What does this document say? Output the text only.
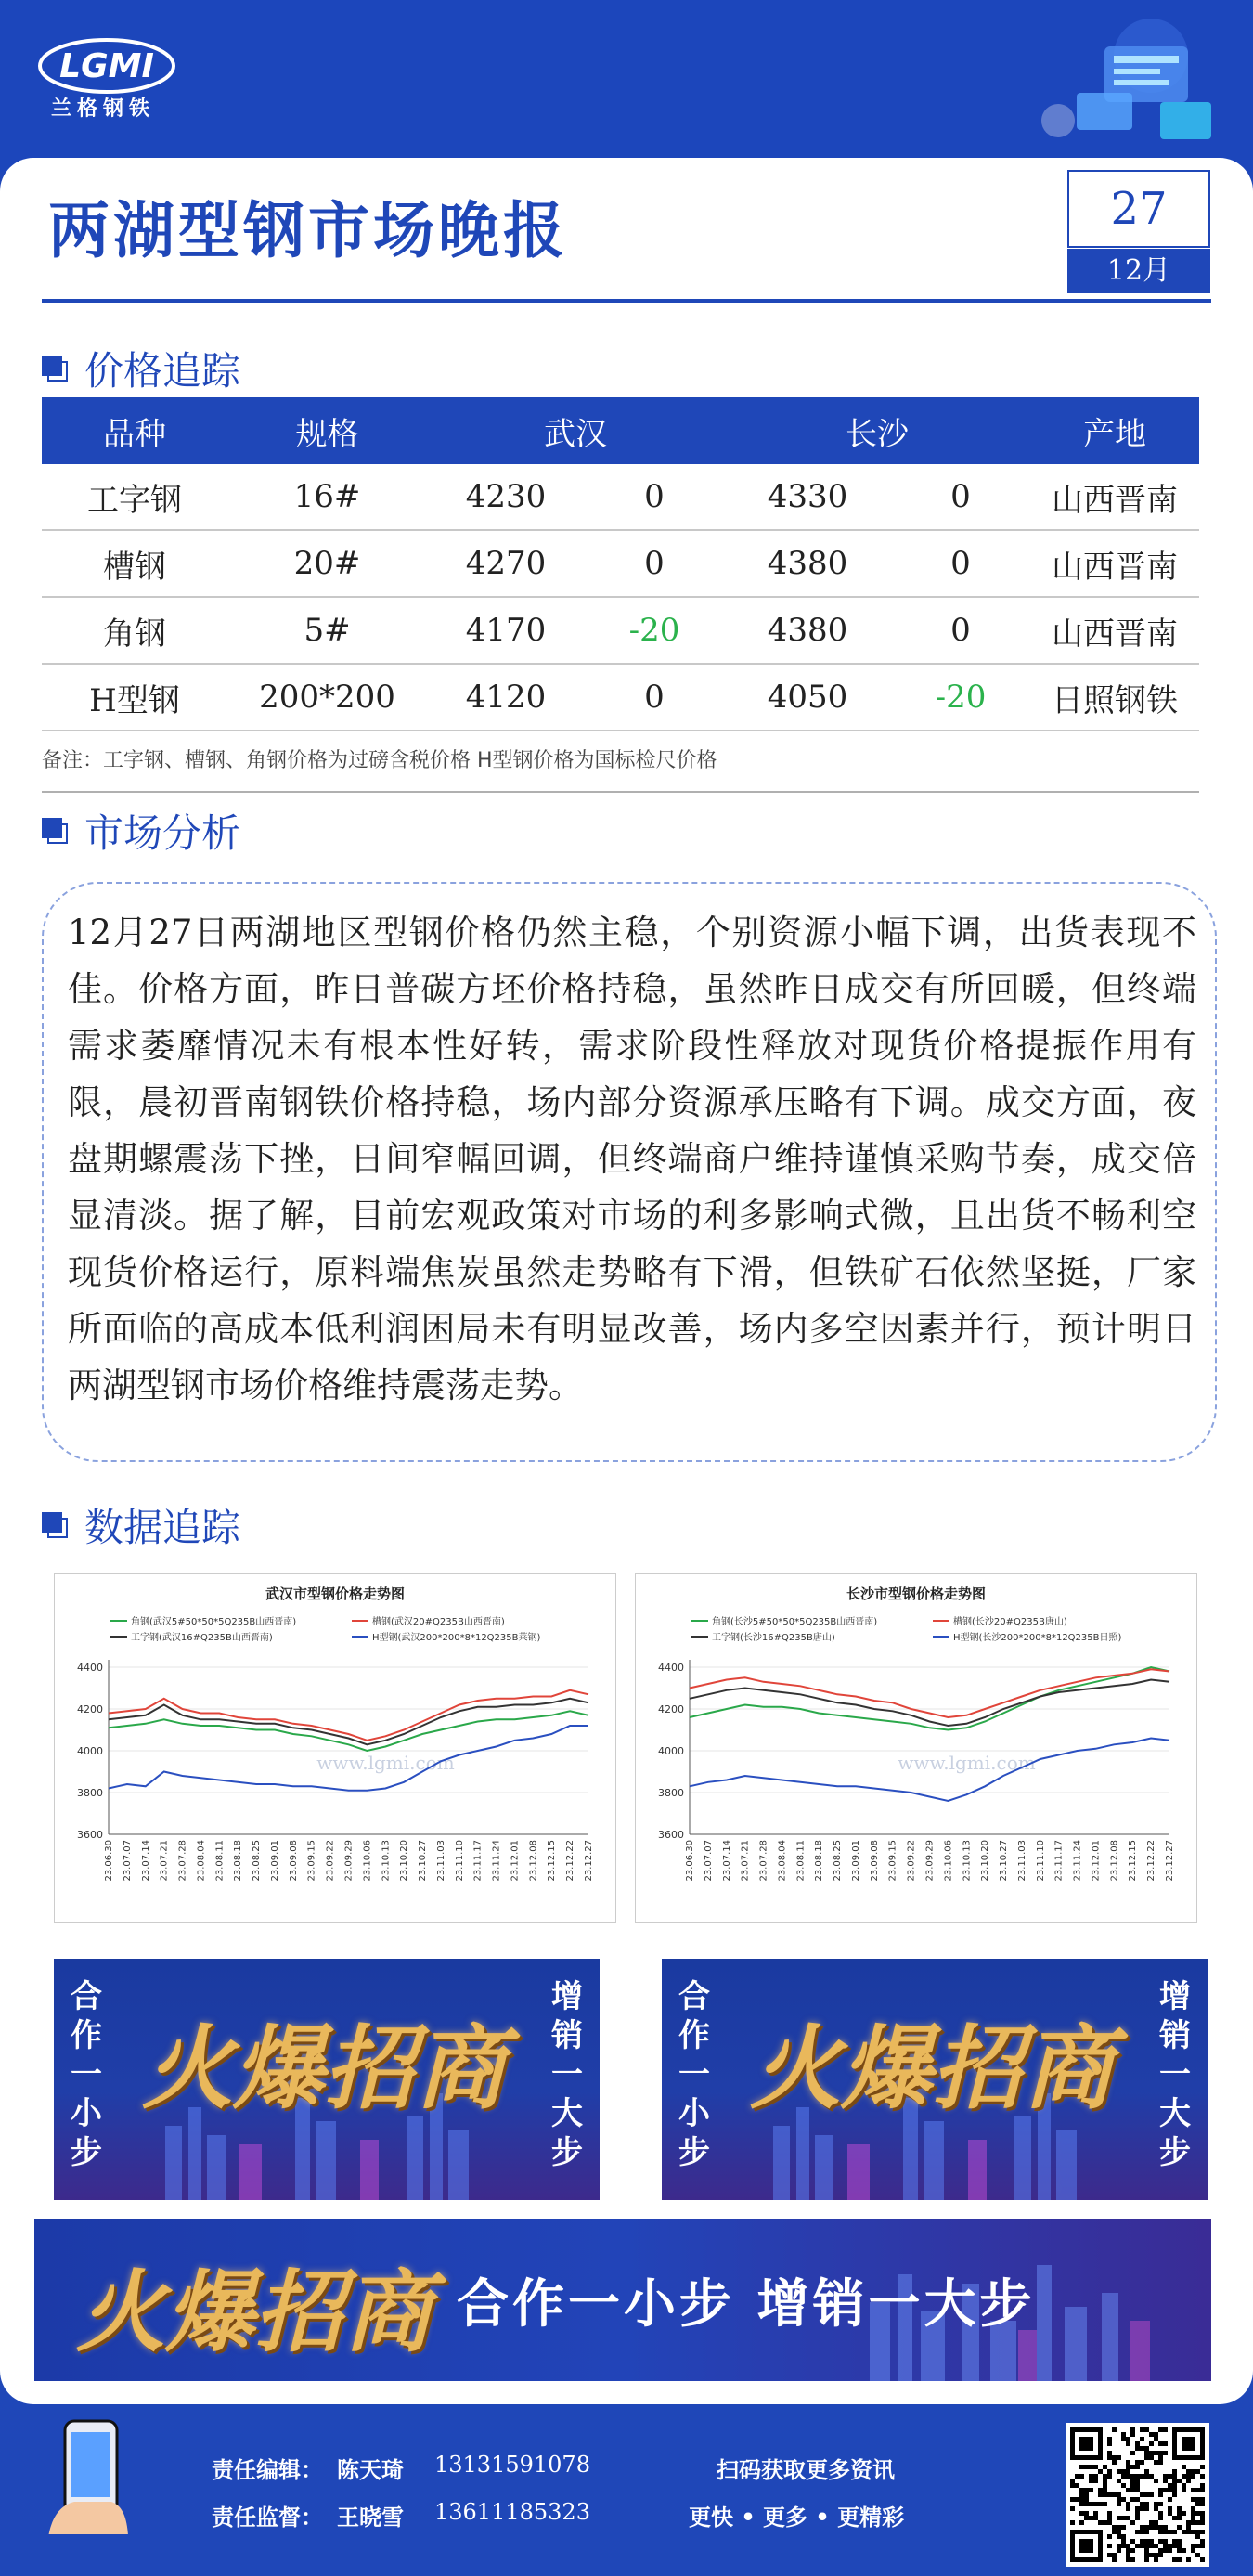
LGMI
兰格钢铁
两湖型钢市场晚报	27
12月
价格追踪
品种	规格	武汉		长沙		产地
工字钢	16#	4230	0	4330	0	山西晋南
槽钢	20#	4270	0	4380	0	山西晋南
角钢	5#	4170	-20	4380	0	山西晋南
H型钢	200*200	4120	0	4050	-20	日照钢铁
备注：工字钢、槽钢、角钢价格为过磅含税价格 H型钢价格为国标检尺价格
市场分析
12月27日两湖地区型钢价格仍然主稳，个别资源小幅下调，出货表现不佳。价格方面，昨日普碳方坯价格持稳，虽然昨日成交有所回暖，但终端需求萎靡情况未有根本性好转，需求阶段性释放对现货价格提振作用有限，晨初晋南钢铁价格持稳，场内部分资源承压略有下调。成交方面，夜盘期螺震荡下挫，日间窄幅回调，但终端商户维持谨慎采购节奏，成交倍显清淡。据了解，目前宏观政策对市场的利多影响式微，且出货不畅利空现货价格运行，原料端焦炭虽然走势略有下滑，但铁矿石依然坚挺，厂家所面临的高成本低利润困局未有明显改善，场内多空因素并行，预计明日两湖型钢市场价格维持震荡走势。
数据追踪
武汉市型钢价格走势图
角钢(武汉5#50*50*5Q235B山西晋南)	槽钢(武汉20#Q235B山西晋南)
工字钢(武汉16#Q235B山西晋南)	H型钢(武汉200*200*8*12Q235B莱钢)
4400
4200
4000
3800
3600
www.lgmi.com
23.06.30 23.07.07 23.07.14 23.07.21 23.07.28 23.08.04 23.08.11 23.08.18 23.08.25 23.09.01 23.09.08 23.09.15 23.09.22 23.09.29 23.10.06 23.10.13 23.10.20 23.10.27 23.11.03 23.11.10 23.11.17 23.11.24 23.12.01 23.12.08 23.12.15 23.12.22 23.12.27
长沙市型钢价格走势图
角钢(长沙5#50*50*5Q235B山西晋南)	槽钢(长沙20#Q235B唐山)
工字钢(长沙16#Q235B唐山)	H型钢(长沙200*200*8*12Q235B日照)
4400
4200
4000
3800
3600
www.lgmi.com
23.06.30 23.07.07 23.07.14 23.07.21 23.07.28 23.08.04 23.08.11 23.08.18 23.08.25 23.09.01 23.09.08 23.09.15 23.09.22 23.09.29 23.10.06 23.10.13 23.10.20 23.10.27 23.11.03 23.11.10 23.11.17 23.11.24 23.12.01 23.12.08 23.12.15 23.12.22 23.12.27
合作一小步
增销一大步
火爆招商
合作一小步
增销一大步
火爆招商
火爆招商 合作一小步 增销一大步
责任编辑： 陈天琦 13131591078
责任监督： 王晓雪 13611185323
扫码获取更多资讯
更快 • 更多 • 更精彩
